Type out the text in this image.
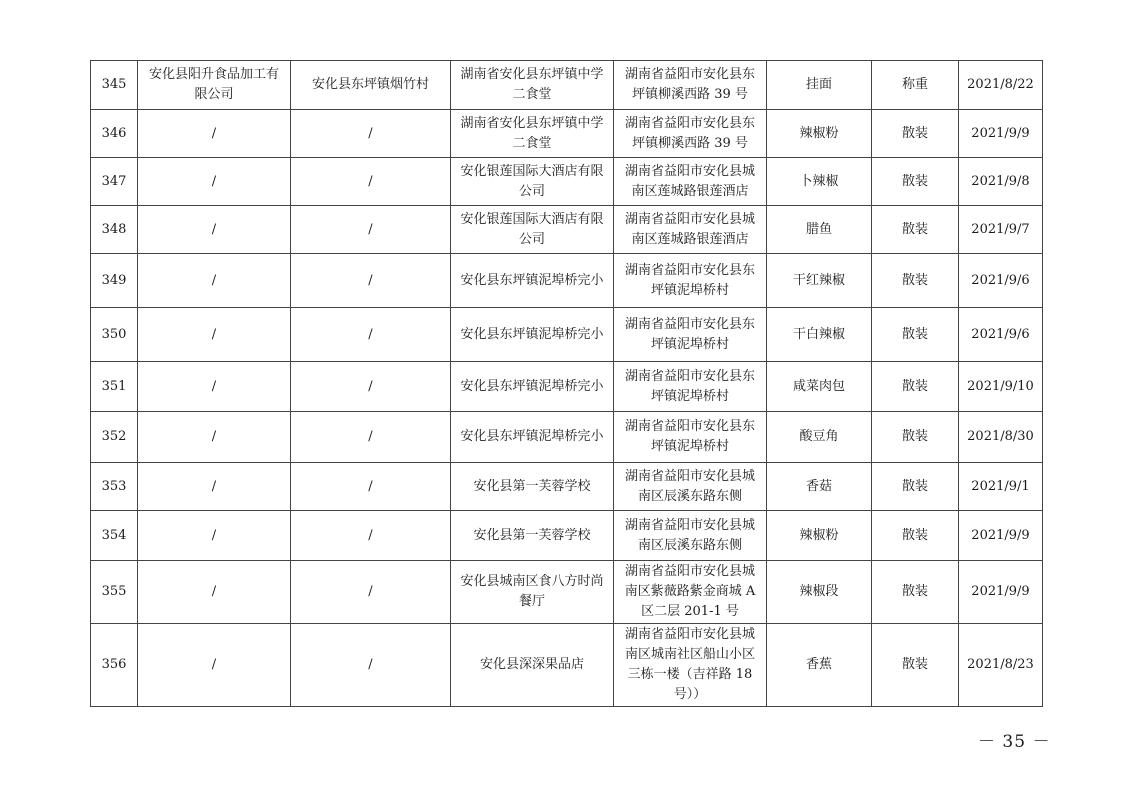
345	安化县阳升食品加工有限公司	安化县东坪镇烟竹村	湖南省安化县东坪镇中学二食堂	湖南省益阳市安化县东坪镇柳溪西路 39 号	挂面	称重	2021/8/22
346	/	/	湖南省安化县东坪镇中学二食堂	湖南省益阳市安化县东坪镇柳溪西路 39 号	辣椒粉	散装	2021/9/9
347	/	/	安化银莲国际大酒店有限公司	湖南省益阳市安化县城南区莲城路银莲酒店	卜辣椒	散装	2021/9/8
348	/	/	安化银莲国际大酒店有限公司	湖南省益阳市安化县城南区莲城路银莲酒店	腊鱼	散装	2021/9/7
349	/	/	安化县东坪镇泥埠桥完小	湖南省益阳市安化县东坪镇泥埠桥村	干红辣椒	散装	2021/9/6
350	/	/	安化县东坪镇泥埠桥完小	湖南省益阳市安化县东坪镇泥埠桥村	干白辣椒	散装	2021/9/6
351	/	/	安化县东坪镇泥埠桥完小	湖南省益阳市安化县东坪镇泥埠桥村	咸菜肉包	散装	2021/9/10
352	/	/	安化县东坪镇泥埠桥完小	湖南省益阳市安化县东坪镇泥埠桥村	酸豆角	散装	2021/8/30
353	/	/	安化县第一芙蓉学校	湖南省益阳市安化县城南区辰溪东路东侧	香菇	散装	2021/9/1
354	/	/	安化县第一芙蓉学校	湖南省益阳市安化县城南区辰溪东路东侧	辣椒粉	散装	2021/9/9
355	/	/	安化县城南区食八方时尚餐厅	湖南省益阳市安化县城南区紫薇路紫金商城 A 区二层 201-1 号	辣椒段	散装	2021/9/9
356	/	/	安化县深深果品店	湖南省益阳市安化县城南区城南社区船山小区三栋一楼（吉祥路 18 号））	香蕉	散装	2021/8/23
－ 35 －
